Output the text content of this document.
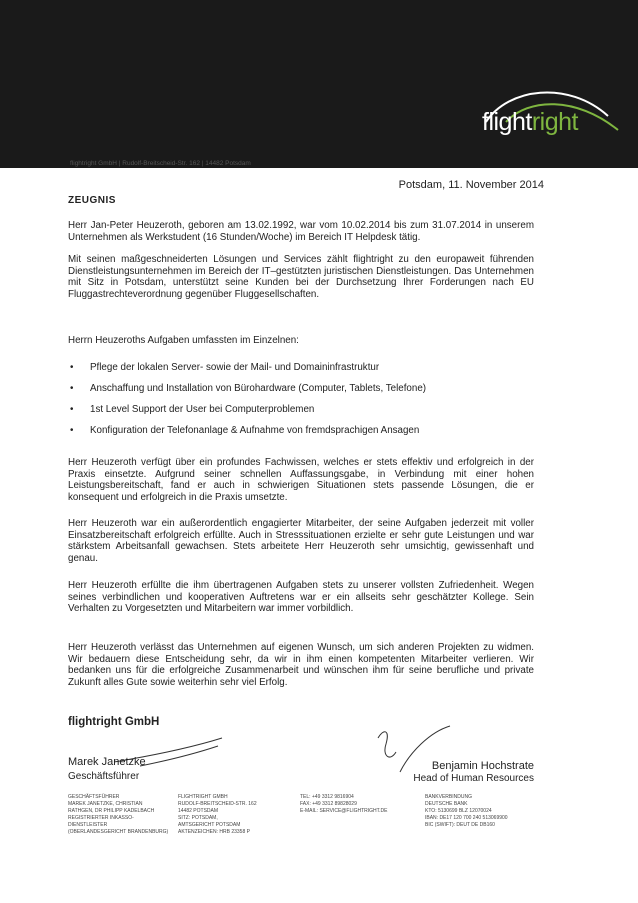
flightright
flightright GmbH | Rudolf-Breitscheid-Str. 162 | 14482 Potsdam
Potsdam, 11. November 2014
ZEUGNIS
Herr Jan-Peter Heuzeroth, geboren am 13.02.1992, war vom 10.02.2014 bis zum 31.07.2014 in unserem Unternehmen als Werkstudent (16 Stunden/Woche) im Bereich IT Helpdesk tätig.
Mit seinen maßgeschneiderten Lösungen und Services zählt flightright zu den europaweit führenden Dienstleistungsunternehmen im Bereich der IT–gestützten juristischen Dienstleistungen. Das Unternehmen mit Sitz in Potsdam, unterstützt seine Kunden bei der Durchsetzung Ihrer Forderungen nach EU Fluggastrechteverordnung gegenüber Fluggesellschaften.
Herrn Heuzeroths Aufgaben umfassten im Einzelnen:
• Pflege der lokalen Server- sowie der Mail- und Domaininfrastruktur
• Anschaffung und Installation von Bürohardware (Computer, Tablets, Telefone)
• 1st Level Support der User bei Computerproblemen
• Konfiguration der Telefonanlage & Aufnahme von fremdsprachigen Ansagen
Herr Heuzeroth verfügt über ein profundes Fachwissen, welches er stets effektiv und erfolgreich in der Praxis einsetzte. Aufgrund seiner schnellen Auffassungsgabe, in Verbindung mit einer hohen Leistungsbereitschaft, fand er auch in schwierigen Situationen stets passende Lösungen, die er konsequent und erfolgreich in die Praxis umsetzte.
Herr Heuzeroth war ein außerordentlich engagierter Mitarbeiter, der seine Aufgaben jederzeit mit voller Einsatzbereitschaft erfolgreich erfüllte. Auch in Stresssituationen erzielte er sehr gute Leistungen und war stärkstem Arbeitsanfall gewachsen. Stets arbeitete Herr Heuzeroth sehr umsichtig, gewissenhaft und genau.
Herr Heuzeroth erfüllte die ihm übertragenen Aufgaben stets zu unserer vollsten Zufriedenheit. Wegen seines verbindlichen und kooperativen Auftretens war er ein allseits sehr geschätzter Kollege. Sein Verhalten zu Vorgesetzten und Mitarbeitern war immer vorbildlich.
Herr Heuzeroth verlässt das Unternehmen auf eigenen Wunsch, um sich anderen Projekten zu widmen. Wir bedauern diese Entscheidung sehr, da wir in ihm einen kompetenten Mitarbeiter verlieren. Wir bedanken uns für die erfolgreiche Zusammenarbeit und wünschen ihm für seine berufliche und private Zukunft alles Gute sowie weiterhin sehr viel Erfolg.
flightright GmbH
Marek Janetzke
Geschäftsführer
Benjamin Hochstrate
Head of Human Resources
GESCHÄFTSFÜHRER
MAREK JANETZKE, CHRISTIAN
RATHGEN, DR PHILIPP KADELBACH
REGISTRIERTER INKASSO-
DIENSTLEISTER
(OBERLANDESGERICHT BRANDENBURG)
FLIGHTRIGHT GMBH
RUDOLF-BREITSCHEID-STR. 162
14482 POTSDAM
SITZ: POTSDAM,
AMTSGERICHT POTSDAM
AKTENZEICHEN: HRB 23358 P
TEL: +49 3312 9816904
FAX: +49 3312 89828029
E-MAIL: SERVICE@FLIGHTRIGHT.DE
BANKVERBINDUNG
DEUTSCHE BANK
KTO: 5130699 BLZ 12070024
IBAN: DE17 120 700 240 513069900
BIC (SWIFT): DEUT DE DB160
